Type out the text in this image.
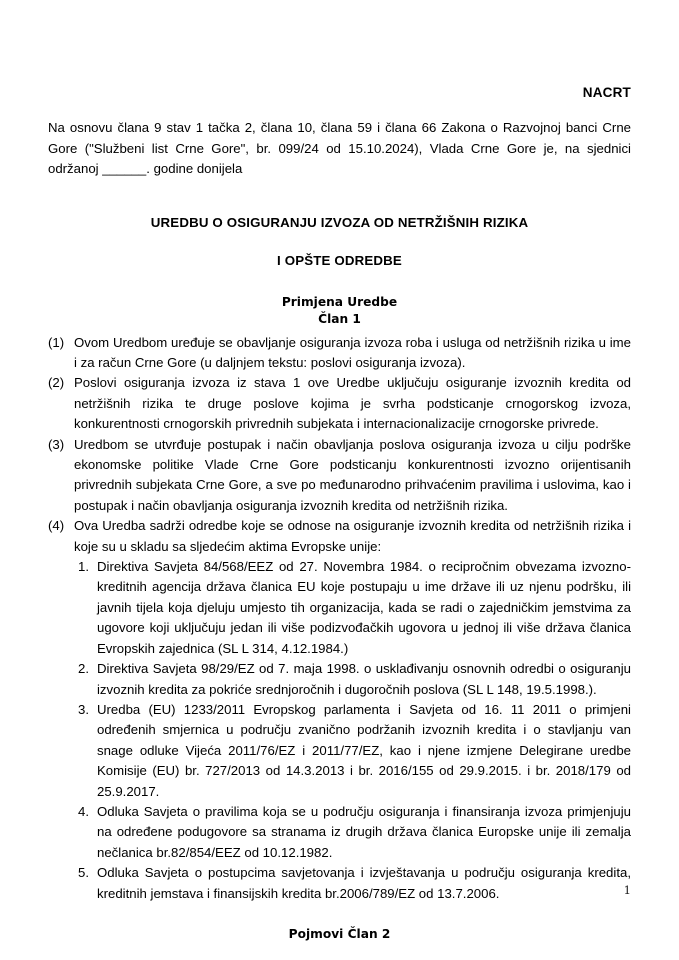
NACRT
Na osnovu člana 9 stav 1 tačka 2, člana 10, člana 59 i člana 66 Zakona o Razvojnoj banci Crne Gore ("Službeni list Crne Gore", br. 099/24 od 15.10.2024), Vlada Crne Gore je, na sjednici održanoj ______. godine donijela
UREDBU O OSIGURANJU IZVOZA OD NETRŽIŠNIH RIZIKA
I OPŠTE ODREDBE
Primjena Uredbe
Član 1
(1) Ovom Uredbom uređuje se obavljanje osiguranja izvoza roba i usluga od netržišnih rizika u ime i za račun Crne Gore (u daljnjem tekstu: poslovi osiguranja izvoza).
(2) Poslovi osiguranja izvoza iz stava 1 ove Uredbe uključuju osiguranje izvoznih kredita od netržišnih rizika te druge poslove kojima je svrha podsticanje crnogorskog izvoza, konkurentnosti crnogorskih privrednih subjekata i internacionalizacije crnogorske privrede.
(3) Uredbom se utvrđuje postupak i način obavljanja poslova osiguranja izvoza u cilju podrške ekonomske politike Vlade Crne Gore podsticanju konkurentnosti izvozno orijentisanih privrednih subjekata Crne Gore, a sve po međunarodno prihvaćenim pravilima i uslovima, kao i postupak i način obavljanja osiguranja izvoznih kredita od netržišnih rizika.
(4) Ova Uredba sadrži odredbe koje se odnose na osiguranje izvoznih kredita od netržišnih rizika i koje su u skladu sa sljedećim aktima Evropske unije:
1. Direktiva Savjeta 84/568/EEZ od 27. Novembra 1984. o recipročnim obvezama izvozno-kreditnih agencija država članica EU koje postupaju u ime države ili uz njenu podršku, ili javnih tijela koja djeluju umjesto tih organizacija, kada se radi o zajedničkim jemstvima za ugovore koji uključuju jedan ili više podizvođačkih ugovora u jednoj ili više država članica Evropskih zajednica (SL L 314, 4.12.1984.)
2. Direktiva Savjeta 98/29/EZ od 7. maja 1998. o usklađivanju osnovnih odredbi o osiguranju izvoznih kredita za pokriće srednjoročnih i dugoročnih poslova (SL L 148, 19.5.1998.).
3. Uredba (EU) 1233/2011 Evropskog parlamenta i Savjeta od 16. 11 2011 o primjeni određenih smjernica u području zvanično podržanih izvoznih kredita i o stavljanju van snage odluke Vijeća 2011/76/EZ i 2011/77/EZ, kao i njene izmjene Delegirane uredbe Komisije (EU) br. 727/2013 od 14.3.2013 i br. 2016/155 od 29.9.2015. i br. 2018/179 od 25.9.2017.
4. Odluka Savjeta o pravilima koja se u području osiguranja i finansiranja izvoza primjenjuju na određene podugovore sa stranama iz drugih država članica Europske unije ili zemalja nečlanica br.82/854/EEZ od 10.12.1982.
5. Odluka Savjeta o postupcima savjetovanja i izvještavanja u području osiguranja kredita, kreditnih jemstava i finansijskih kredita br.2006/789/EZ od 13.7.2006.
Pojmovi Član 2
1
